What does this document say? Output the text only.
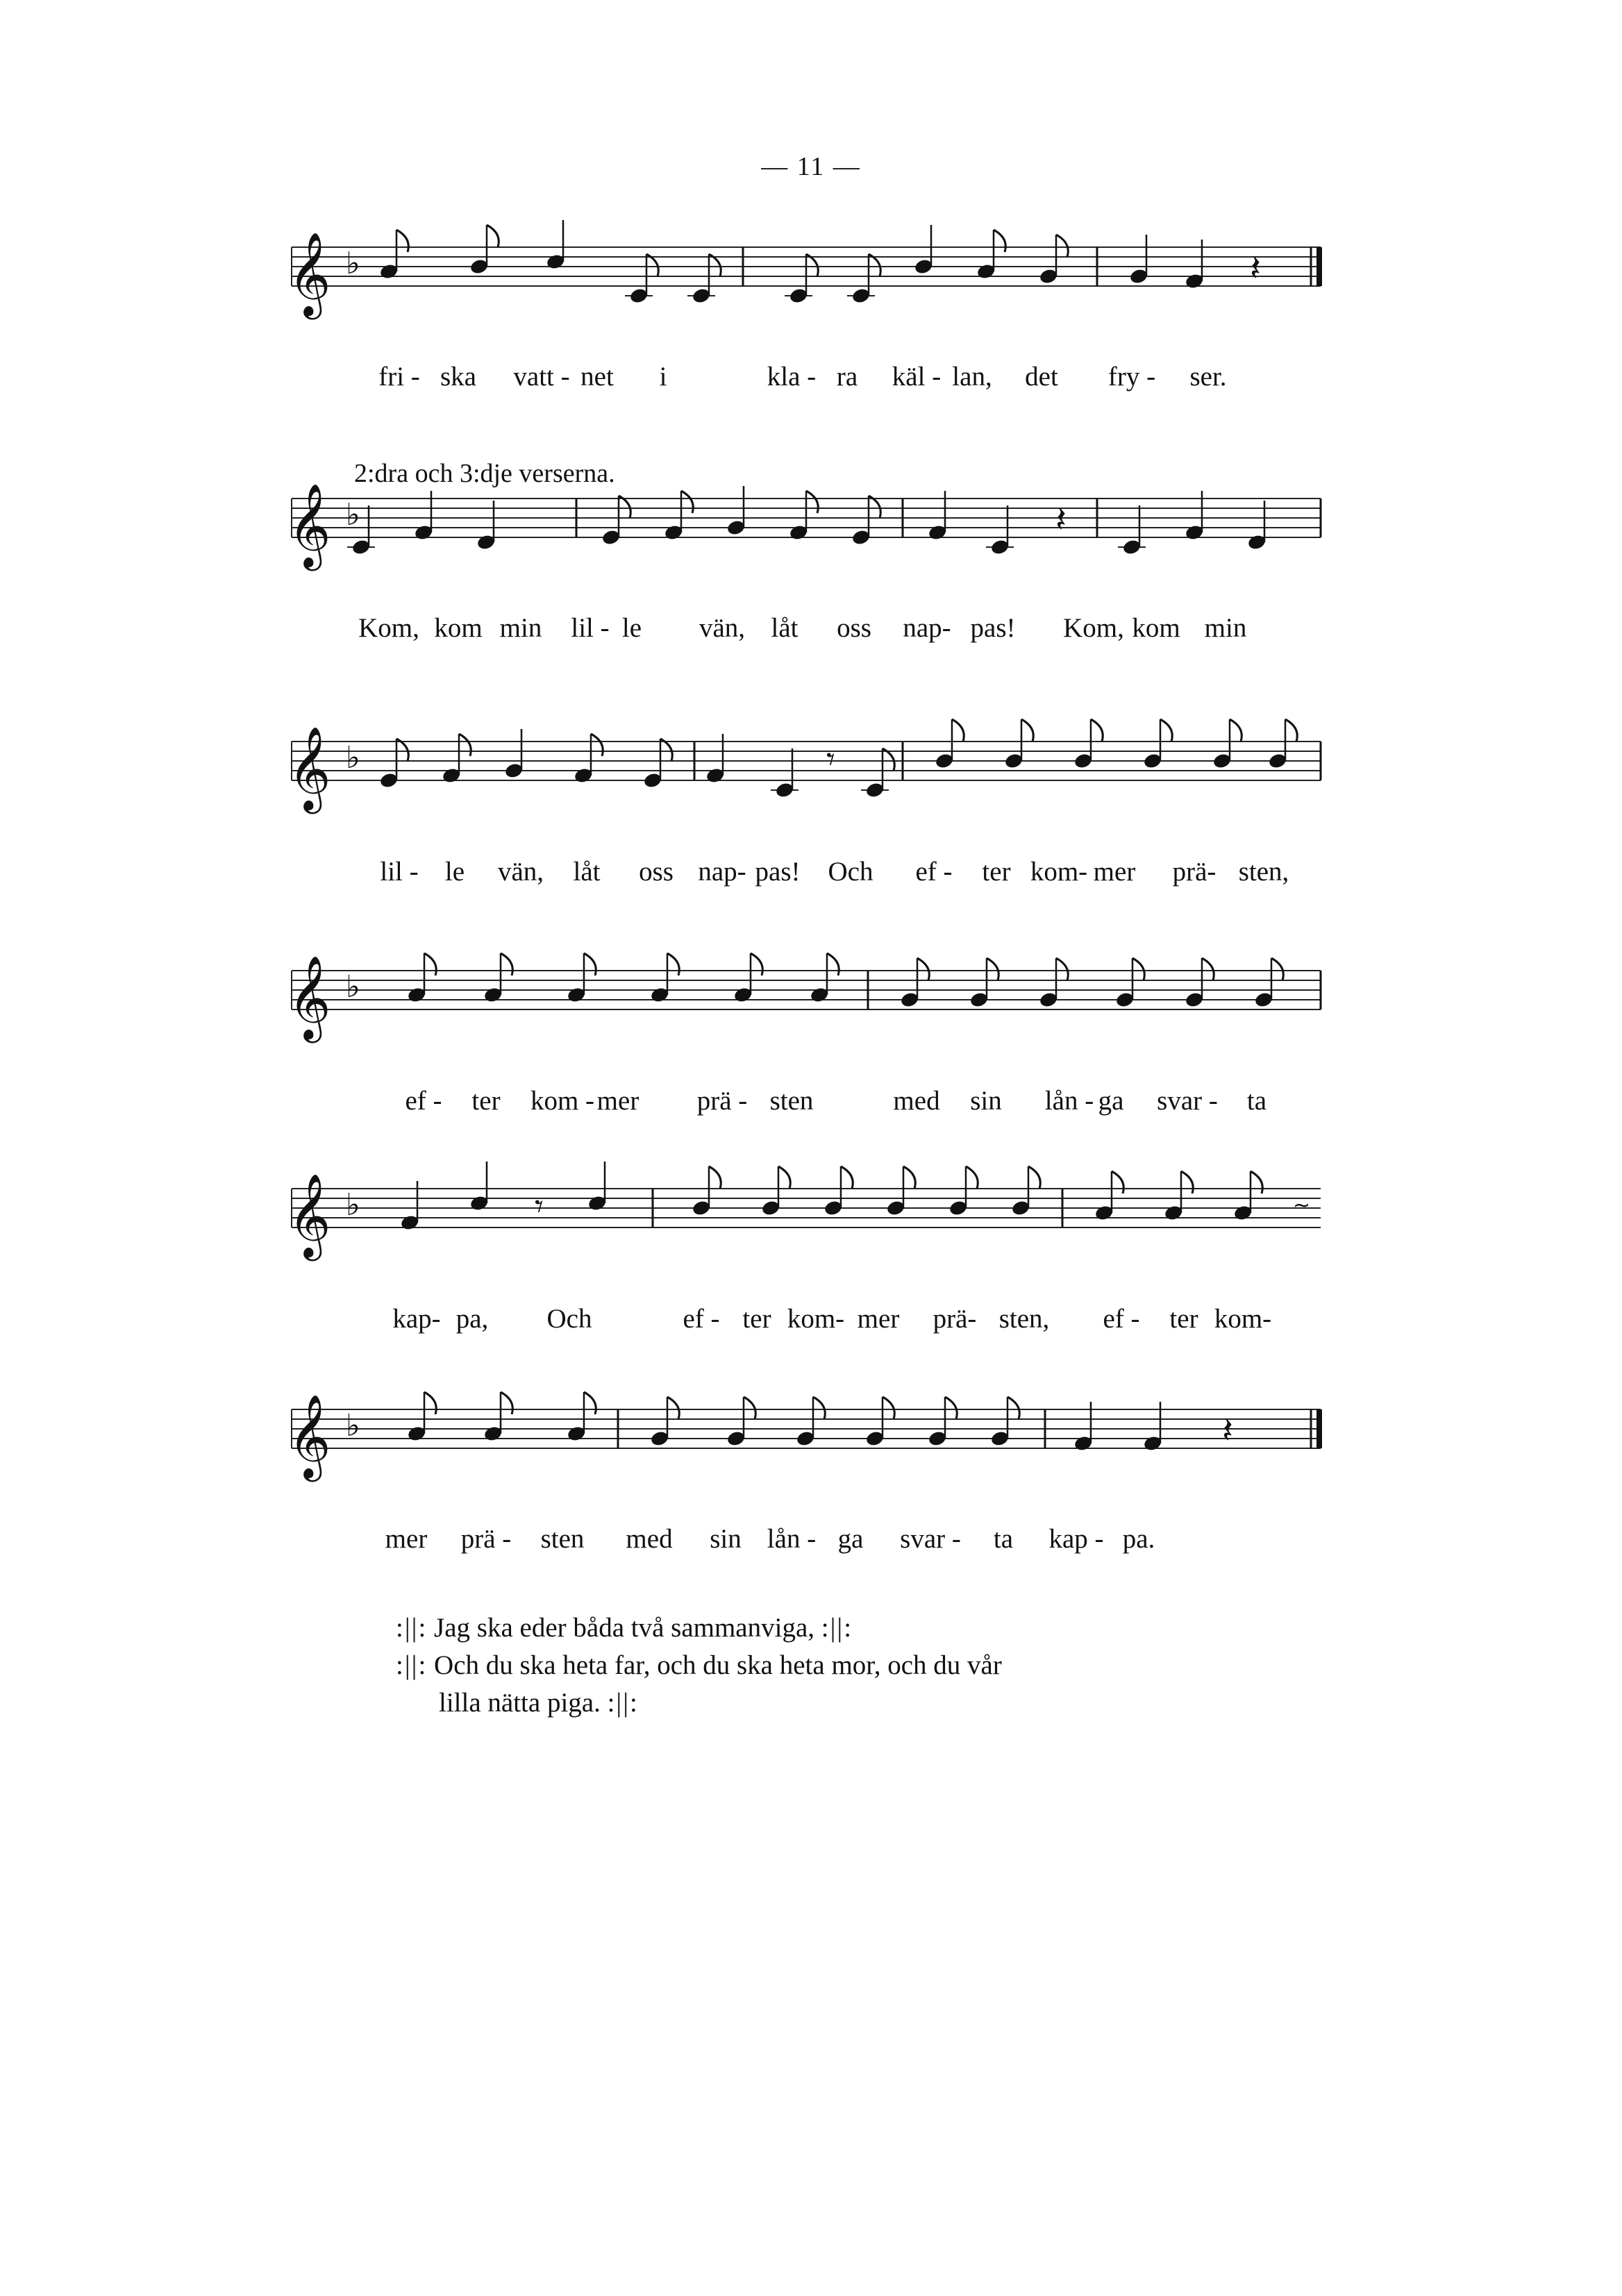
— 11 —
2:dra och 3:dje verserna.
𝄞 ♭	𝄽
𝄞 ♭	𝄽
𝄞 ♭	𝄾
𝄞 ♭
𝄞 ♭	~
𝄾
𝄞 ♭	𝄽
fri - ska vatt - net i	kla - ra käl - lan, det fry - ser.
Kom, kom min lil - le vän, låt oss nap- pas! Kom, kom min
lil - le vän, låt oss nap- pas! Och ef - ter kom- mer prä- sten,
ef - ter kom - mer prä - sten	med sin lån - ga svar - ta
kap- pa, Och	ef - ter kom- mer prä- sten, ef - ter kom-
mer prä - sten med sin lån - ga svar - ta kap - pa.
:||: Jag ska eder båda två sammanviga, :||:
:||: Och du ska heta far, och du ska heta mor, och du vår
lilla nätta piga. :||:
